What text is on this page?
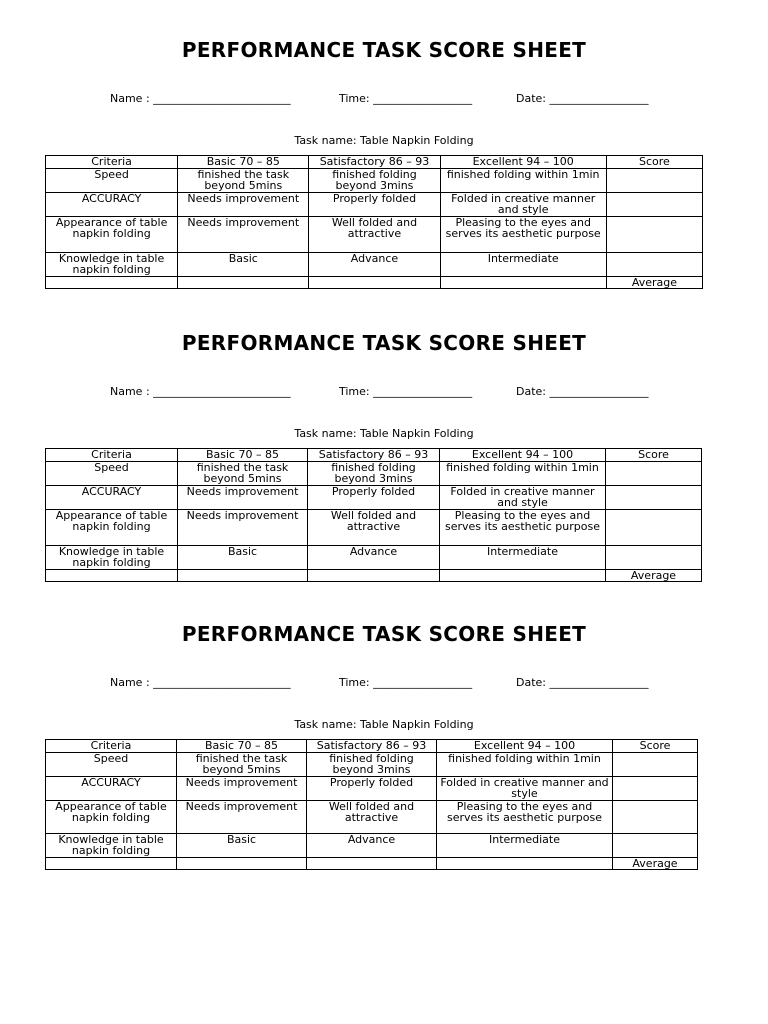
PERFORMANCE TASK SCORE SHEET
Name : _________________________	Time: __________________	Date: __________________
Task name: Table Napkin Folding
Criteria	Basic 70 – 85	Satisfactory 86 – 93	Excellent 94 – 100	Score
Speed	finished the task beyond 5mins	finished folding beyond 3mins	finished folding within 1min	
ACCURACY	Needs improvement	Properly folded	Folded in creative manner and style	
Appearance of table napkin folding	Needs improvement	Well folded and attractive	Pleasing to the eyes and serves its aesthetic purpose	
Knowledge in table napkin folding	Basic	Advance	Intermediate	
				Average
PERFORMANCE TASK SCORE SHEET
Name : _________________________	Time: __________________	Date: __________________
Task name: Table Napkin Folding
Criteria	Basic 70 – 85	Satisfactory 86 – 93	Excellent 94 – 100	Score
Speed	finished the task beyond 5mins	finished folding beyond 3mins	finished folding within 1min	
ACCURACY	Needs improvement	Properly folded	Folded in creative manner and style	
Appearance of table napkin folding	Needs improvement	Well folded and attractive	Pleasing to the eyes and serves its aesthetic purpose	
Knowledge in table napkin folding	Basic	Advance	Intermediate	
				Average
PERFORMANCE TASK SCORE SHEET
Name : _________________________	Time: __________________	Date: __________________
Task name: Table Napkin Folding
Criteria	Basic 70 – 85	Satisfactory 86 – 93	Excellent 94 – 100	Score
Speed	finished the task beyond 5mins	finished folding beyond 3mins	finished folding within 1min	
ACCURACY	Needs improvement	Properly folded	Folded in creative manner and style	
Appearance of table napkin folding	Needs improvement	Well folded and attractive	Pleasing to the eyes and serves its aesthetic purpose	
Knowledge in table napkin folding	Basic	Advance	Intermediate	
				Average
